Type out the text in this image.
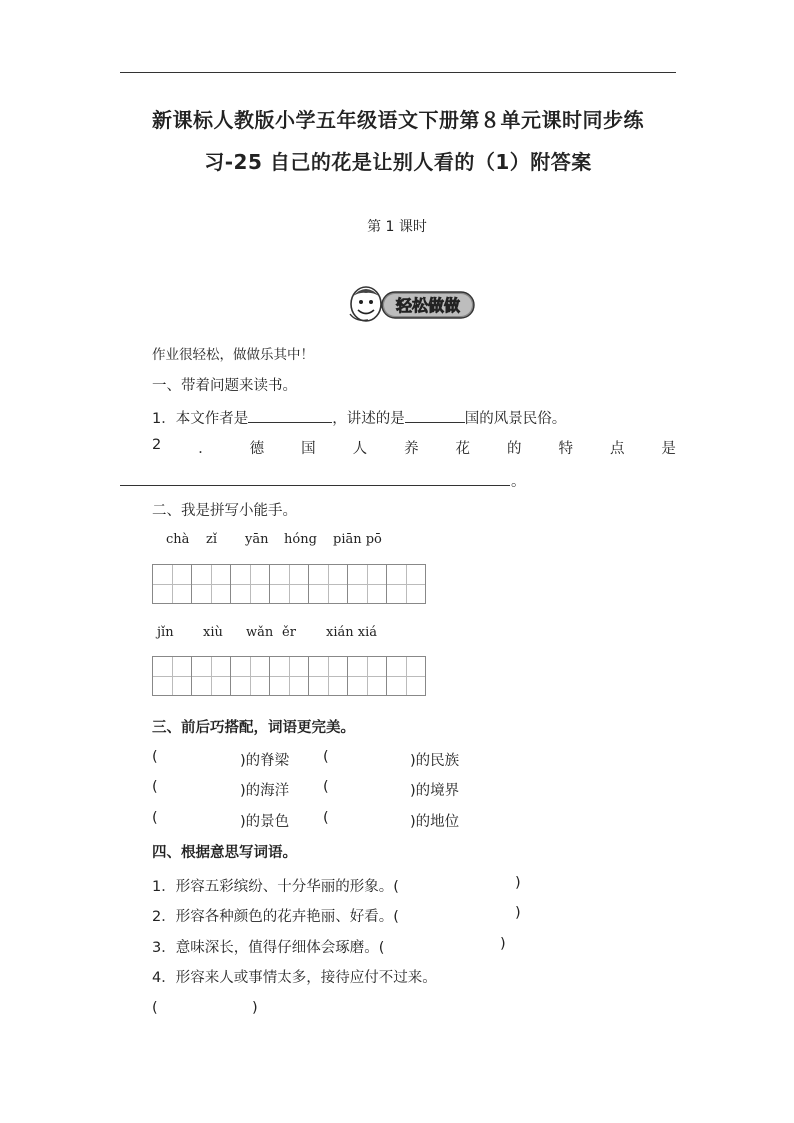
新课标人教版小学五年级语文下册第８单元课时同步练
习-25 自己的花是让别人看的（1）附答案
第 1 课时
轻松做做
作业很轻松，做做乐其中！
一、带着问题来读书。
1．本文作者是	，讲述的是	国的风景民俗。
2	．	德	国	人	养	花	的	特	点	是
。
二、我是拼写小能手。
chà zǐ yān hóng piān pō
jǐn xiù wǎn ěr xián xiá
三、前后巧搭配，词语更完美。
(	)的脊梁 (	)的民族
(	)的海洋 (	)的境界
(	)的景色 (	)的地位
四、根据意思写词语。
1．形容五彩缤纷、十分华丽的形象。(	)
2．形容各种颜色的花卉艳丽、好看。(	)
3．意味深长，值得仔细体会琢磨。(	)
4．形容来人或事情太多，接待应付不过来。
(	)
